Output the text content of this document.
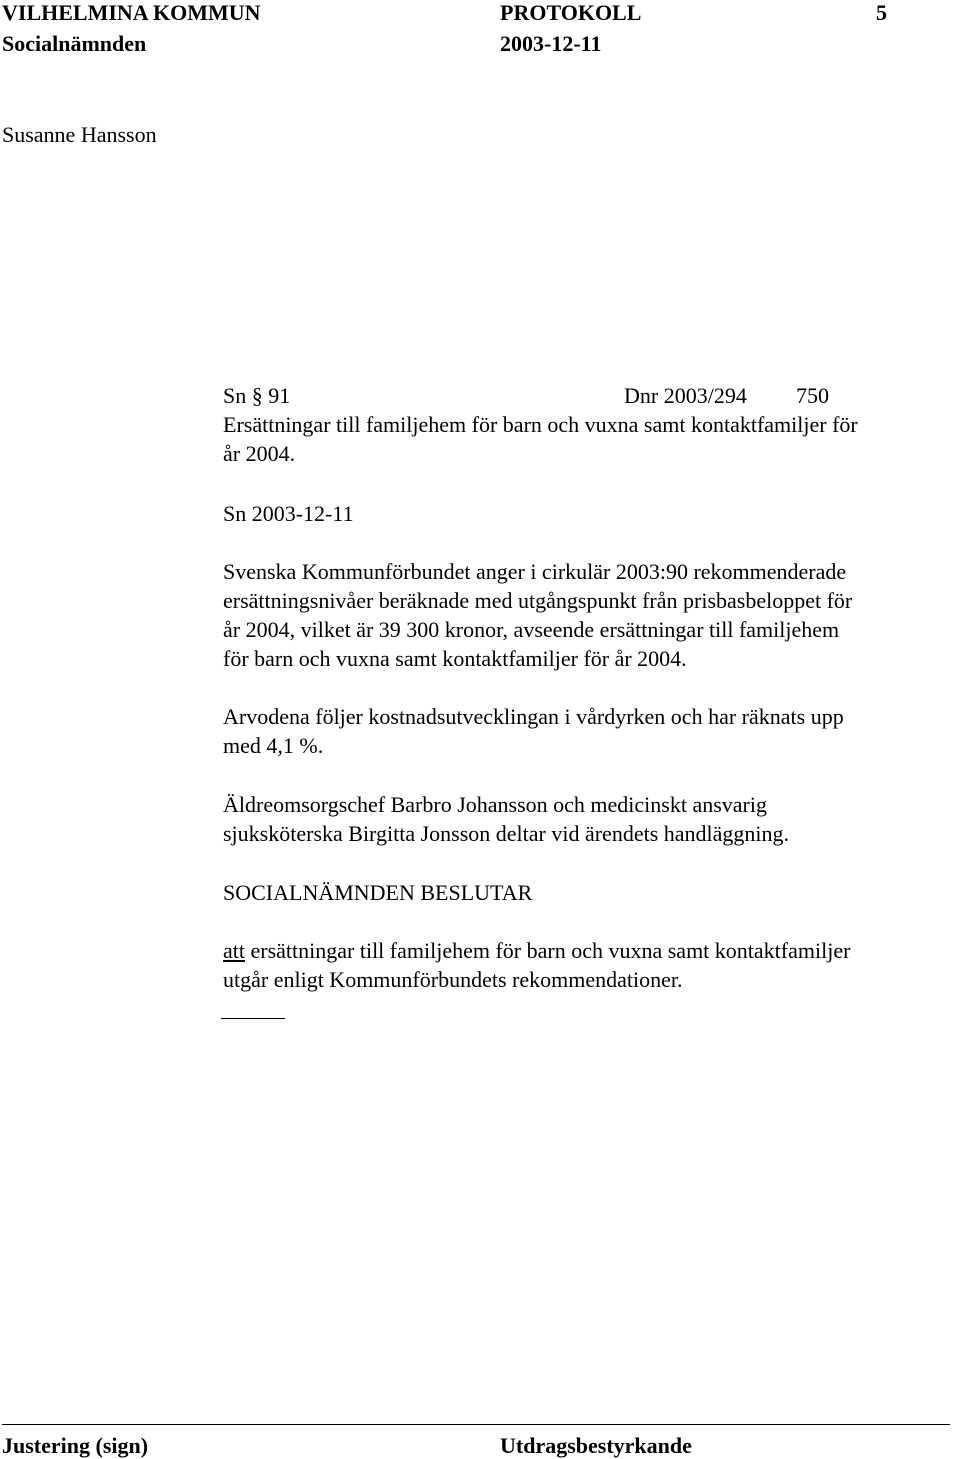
VILHELMINA KOMMUN	PROTOKOLL	5
Socialnämnden	2003-12-11
Susanne Hansson
Sn § 91	Dnr 2003/294 750
Ersättningar till familjehem för barn och vuxna samt kontaktfamiljer för
år 2004.
Sn 2003-12-11
Svenska Kommunförbundet anger i cirkulär 2003:90 rekommenderade
ersättningsnivåer beräknade med utgångspunkt från prisbasbeloppet för
år 2004, vilket är 39 300 kronor, avseende ersättningar till familjehem
för barn och vuxna samt kontaktfamiljer för år 2004.
Arvodena följer kostnadsutvecklingan i vårdyrken och har räknats upp
med 4,1 %.
Äldreomsorgschef Barbro Johansson och medicinskt ansvarig
sjuksköterska Birgitta Jonsson deltar vid ärendets handläggning.
SOCIALNÄMNDEN BESLUTAR
att ersättningar till familjehem för barn och vuxna samt kontaktfamiljer
utgår enligt Kommunförbundets rekommendationer.
Justering (sign)	Utdragsbestyrkande
